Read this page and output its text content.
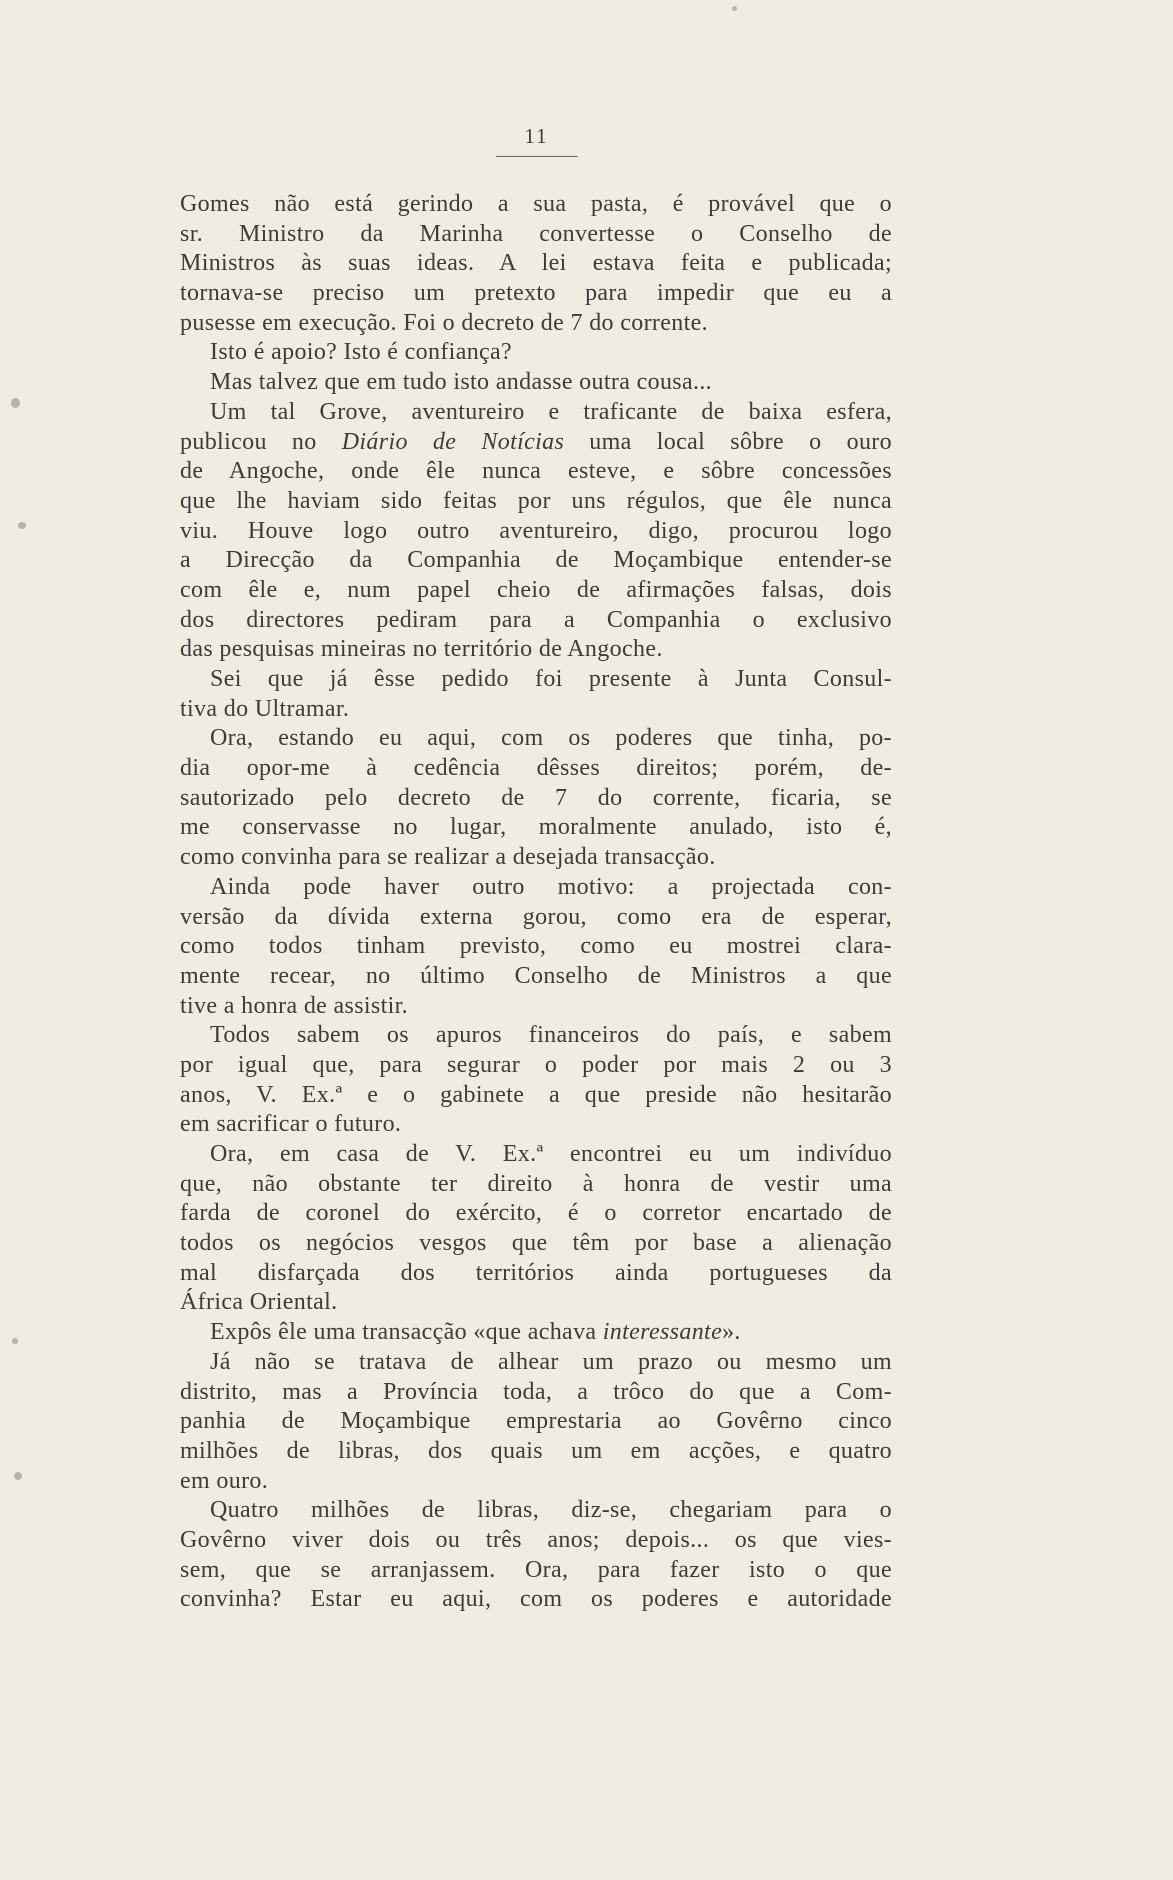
11
Gomes não está gerindo a sua pasta, é provável que o
sr. Ministro da Marinha convertesse o Conselho de
Ministros às suas ideas. A lei estava feita e publicada;
tornava-se preciso um pretexto para impedir que eu a
pusesse em execução. Foi o decreto de 7 do corrente.
Isto é apoio? Isto é confiança?
Mas talvez que em tudo isto andasse outra cousa...
Um tal Grove, aventureiro e traficante de baixa esfera,
publicou no Diário de Notícias uma local sôbre o ouro
de Angoche, onde êle nunca esteve, e sôbre concessões
que lhe haviam sido feitas por uns régulos, que êle nunca
viu. Houve logo outro aventureiro, digo, procurou logo
a Direcção da Companhia de Moçambique entender-se
com êle e, num papel cheio de afirmações falsas, dois
dos directores pediram para a Companhia o exclusivo
das pesquisas mineiras no território de Angoche.
Sei que já êsse pedido foi presente à Junta Consul-
tiva do Ultramar.
Ora, estando eu aqui, com os poderes que tinha, po-
dia opor-me à cedência dêsses direitos; porém, de-
sautorizado pelo decreto de 7 do corrente, ficaria, se
me conservasse no lugar, moralmente anulado, isto é,
como convinha para se realizar a desejada transacção.
Ainda pode haver outro motivo: a projectada con-
versão da dívida externa gorou, como era de esperar,
como todos tinham previsto, como eu mostrei clara-
mente recear, no último Conselho de Ministros a que
tive a honra de assistir.
Todos sabem os apuros financeiros do país, e sabem
por igual que, para segurar o poder por mais 2 ou 3
anos, V. Ex.ª e o gabinete a que preside não hesitarão
em sacrificar o futuro.
Ora, em casa de V. Ex.ª encontrei eu um indivíduo
que, não obstante ter direito à honra de vestir uma
farda de coronel do exército, é o corretor encartado de
todos os negócios vesgos que têm por base a alienação
mal disfarçada dos territórios ainda portugueses da
África Oriental.
Expôs êle uma transacção «que achava interessante».
Já não se tratava de alhear um prazo ou mesmo um
distrito, mas a Província toda, a trôco do que a Com-
panhia de Moçambique emprestaria ao Govêrno cinco
milhões de libras, dos quais um em acções, e quatro
em ouro.
Quatro milhões de libras, diz-se, chegariam para o
Govêrno viver dois ou três anos; depois... os que vies-
sem, que se arranjassem. Ora, para fazer isto o que
convinha? Estar eu aqui, com os poderes e autoridade
